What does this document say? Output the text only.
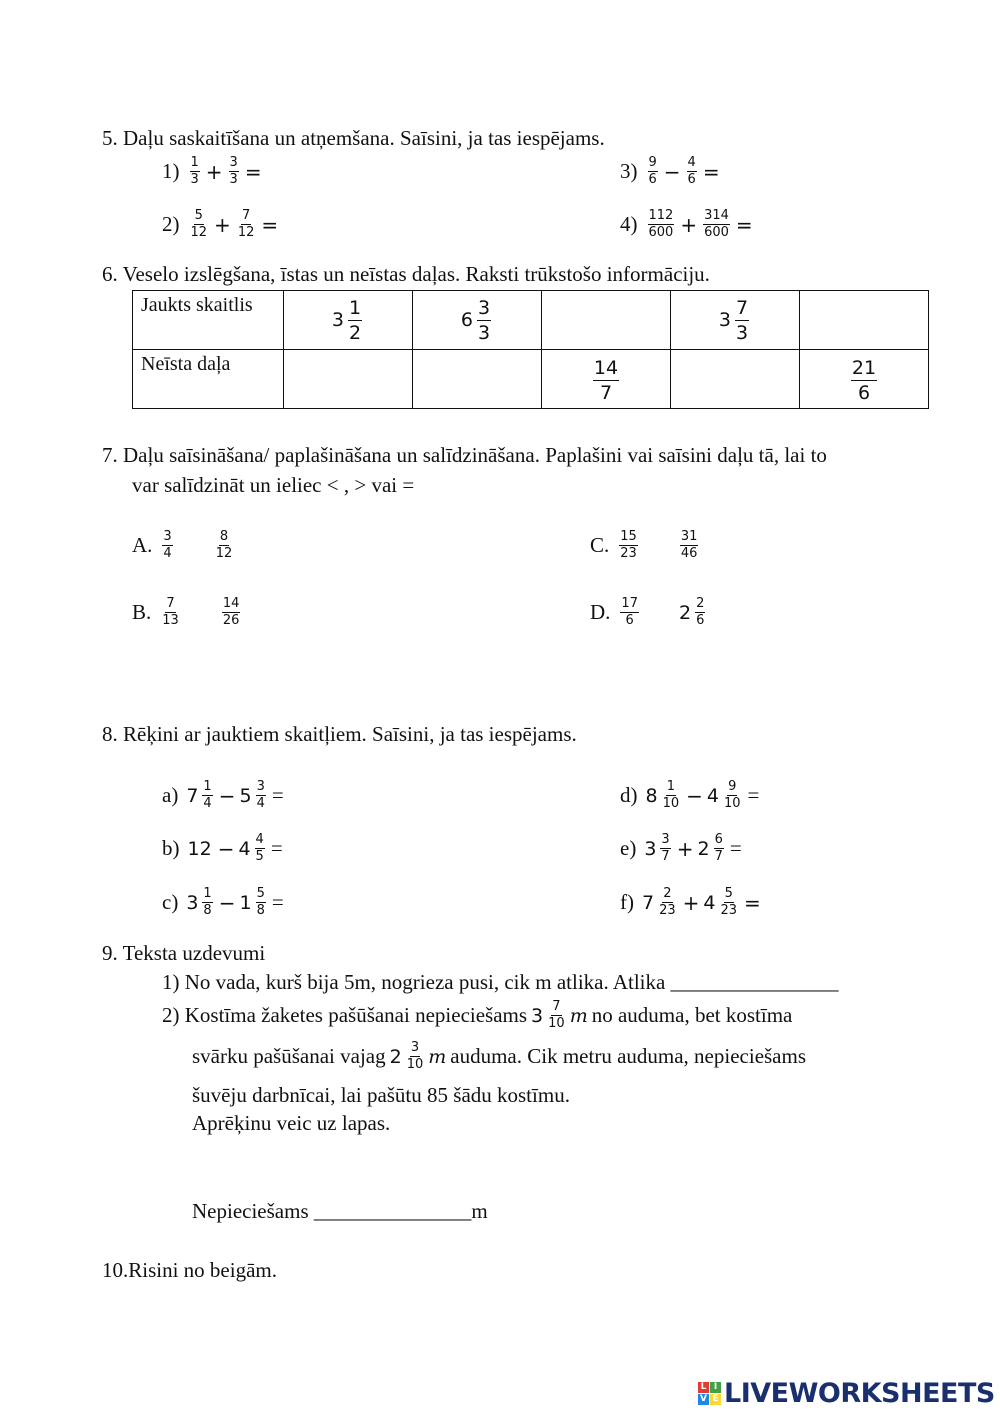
5. Daļu saskaitīšana un atņemšana. Saīsini, ja tas iespējams.
$1) \frac{1}{3} + \frac{3}{3}$ =
$2) \frac{5}{12} + \frac{7}{12}$ =
$3) \frac{9}{6} - \frac{4}{6}$ =
$4) \frac{112}{600} + \frac{314}{600}$ =
6. Veselo izslēgšana, īstas un neīstas daļas. Raksti trūkstošo informāciju.
Jaukts skaitlis	$3 \frac{1}{2}$	$6 \frac{3}{3}$		$3 \frac{7}{3}$

Neīsta daļa			$\frac{14}{7}$		$\frac{21}{6}$
7. Daļu saīsināšana/ paplašināšana un salīdzināšana. Paplašini vai saīsini daļu tā, lai to
var salīdzināt un ieliec < , > vai =
A. $\frac{3}{4}$	$\frac{8}{12}$
B. $\frac{7}{13}$	$\frac{14}{26}$
C. $\frac{15}{23}$	$\frac{31}{46}$
D. $\frac{17}{6} 2 \frac{2}{6}$
8. Rēķini ar jauktiem skaitļiem. Saīsini, ja tas iespējams.
a) $7 \frac{1}{4} - 5 \frac{3}{4}$ =
b) $12 - 4 \frac{4}{5}$ =
c) $3 \frac{1}{8} - 1 \frac{5}{8}$ =
d) $8 \frac{1}{10} - 4 \frac{9}{10}$ =
e) $3 \frac{3}{7} + 2 \frac{6}{7}$ =
f) $7 \frac{2}{23} + 4 \frac{5}{23}$ =
9. Teksta uzdevumi
1) No vada, kurš bija 5m, nogrieza pusi, cik m atlika. Atlika ________________
2) Kostīma žaketes pašūšanai nepieciešams $3 \frac{7}{10}$ m no auduma, bet kostīma
svārku pašūšanai vajag $2 \frac{3}{10}$ m auduma. Cik metru auduma, nepieciešams
šuvēju darbnīcai, lai pašūtu 85 šādu kostīmu.
Aprēķinu veic uz lapas.
Nepieciešams _______________m
10.Risini no beigām.
L I
V E LIVEWORKSHEETS
